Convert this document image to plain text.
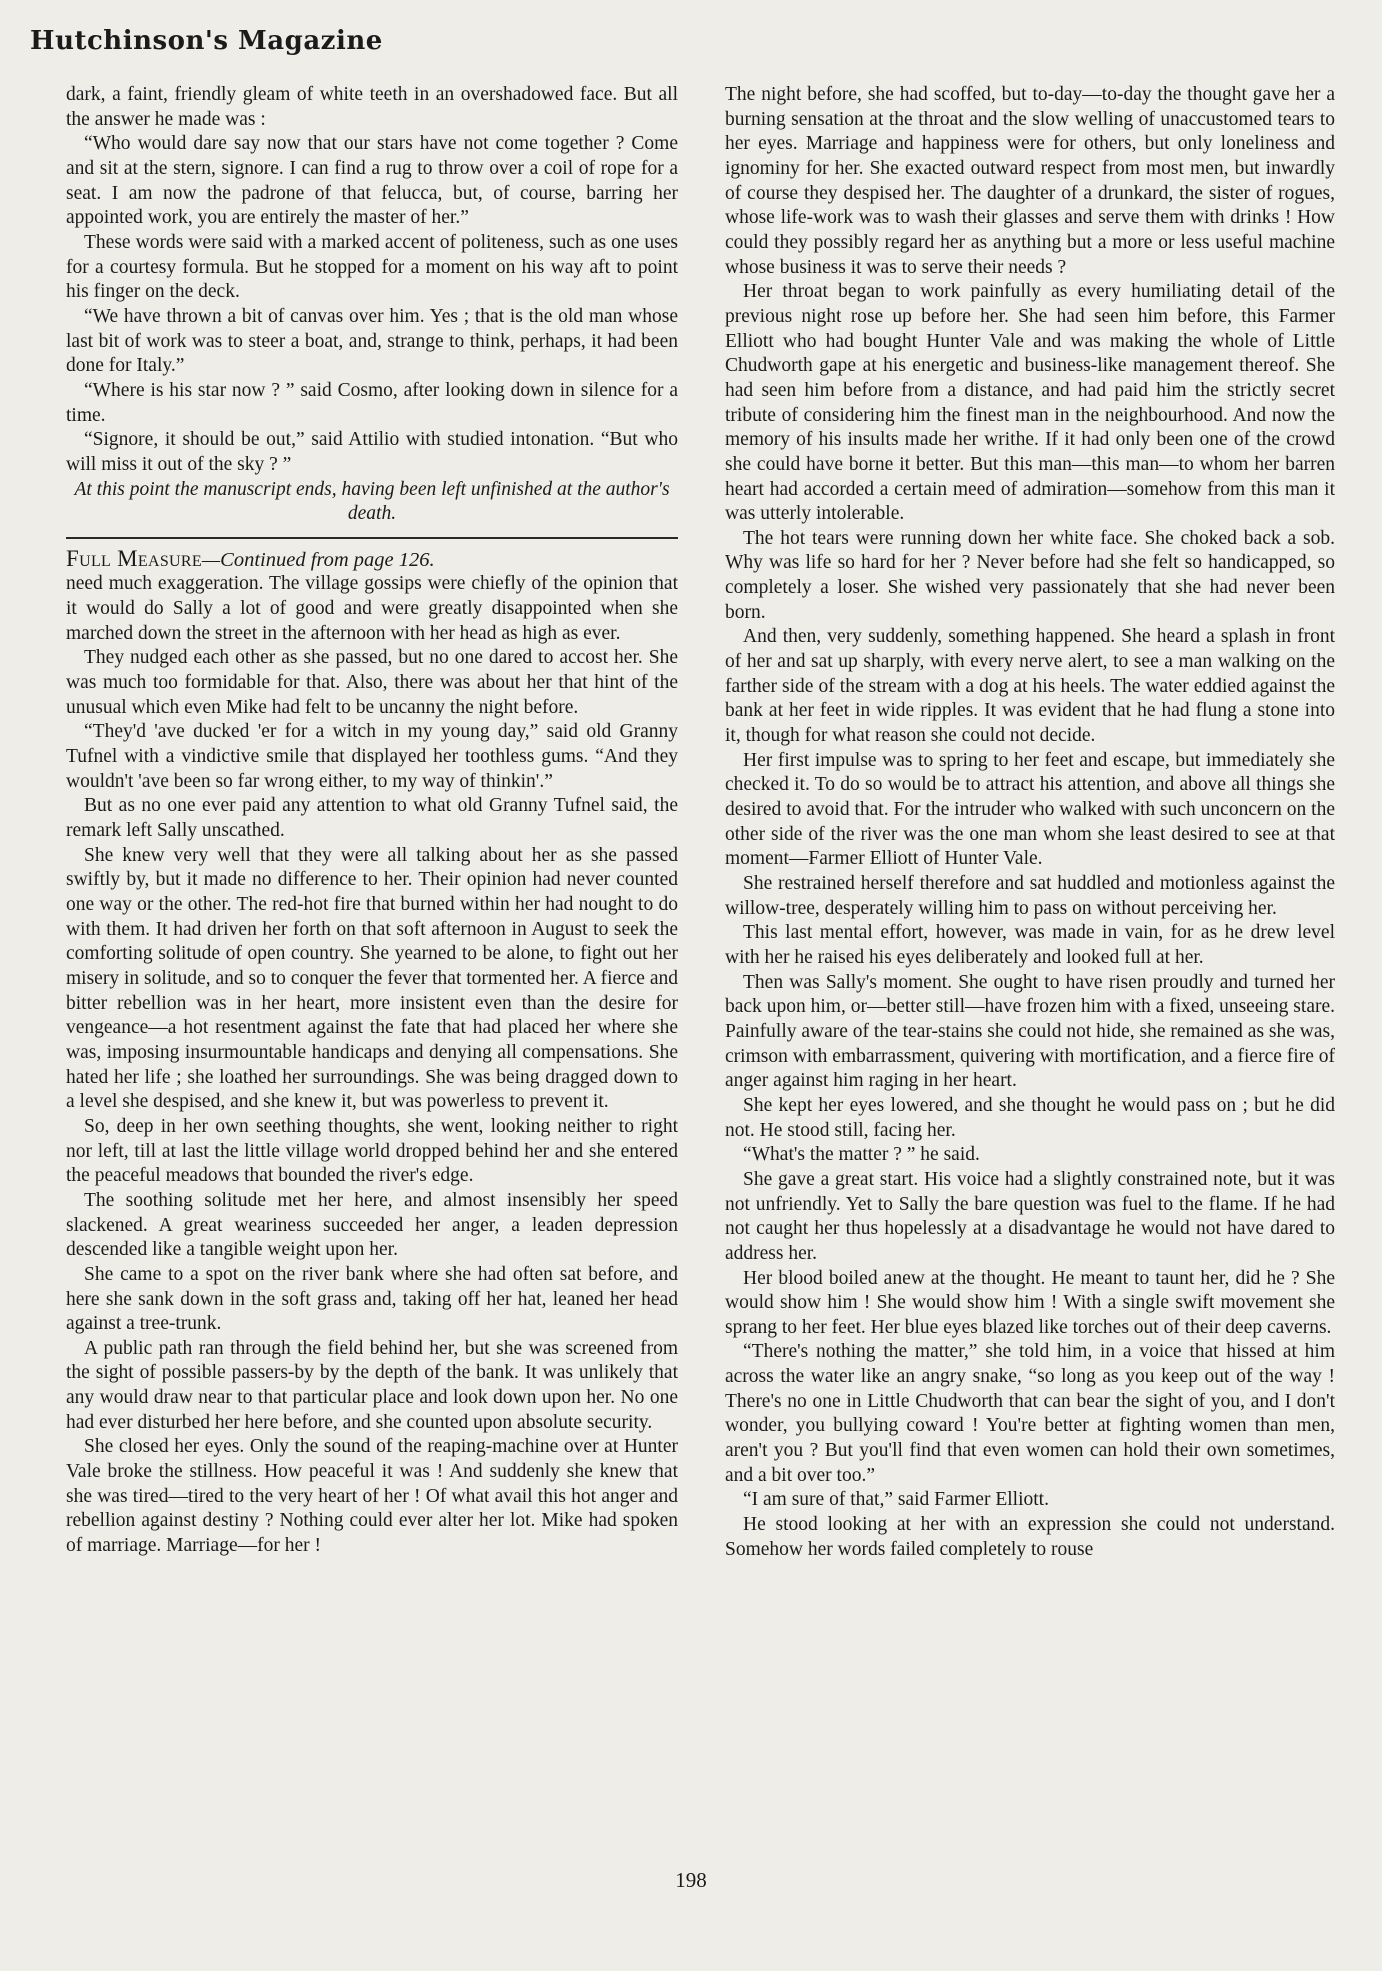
Hutchinson's Magazine

dark, a faint, friendly gleam of white teeth in an overshadowed face. But all the answer he made was :

“Who would dare say now that our stars have not come together ? Come and sit at the stern, signore. I can find a rug to throw over a coil of rope for a seat. I am now the padrone of that felucca, but, of course, barring her appointed work, you are entirely the master of her.”

These words were said with a marked accent of politeness, such as one uses for a courtesy formula. But he stopped for a moment on his way aft to point his finger on the deck.

“We have thrown a bit of canvas over him. Yes ; that is the old man whose last bit of work was to steer a boat, and, strange to think, perhaps, it had been done for Italy.”

“Where is his star now ? ” said Cosmo, after looking down in silence for a time.

“Signore, it should be out,” said Attilio with studied intonation. “But who will miss it out of the sky ? ”

At this point the manuscript ends, having been left unfinished at the author's death.

Full Measure—Continued from page 126.

need much exaggeration. The village gossips were chiefly of the opinion that it would do Sally a lot of good and were greatly disappointed when she marched down the street in the afternoon with her head as high as ever.

They nudged each other as she passed, but no one dared to accost her. She was much too formidable for that. Also, there was about her that hint of the unusual which even Mike had felt to be uncanny the night before.

“They'd 'ave ducked 'er for a witch in my young day,” said old Granny Tufnel with a vindictive smile that displayed her toothless gums. “And they wouldn't 'ave been so far wrong either, to my way of thinkin'.”

But as no one ever paid any attention to what old Granny Tufnel said, the remark left Sally unscathed.

She knew very well that they were all talking about her as she passed swiftly by, but it made no difference to her. Their opinion had never counted one way or the other. The red-hot fire that burned within her had nought to do with them. It had driven her forth on that soft afternoon in August to seek the comforting solitude of open country. She yearned to be alone, to fight out her misery in solitude, and so to conquer the fever that tormented her. A fierce and bitter rebellion was in her heart, more insistent even than the desire for vengeance—a hot resentment against the fate that had placed her where she was, imposing insurmountable handicaps and denying all compensations. She hated her life ; she loathed her surroundings. She was being dragged down to a level she despised, and she knew it, but was powerless to prevent it.

So, deep in her own seething thoughts, she went, looking neither to right nor left, till at last the little village world dropped behind her and she entered the peaceful meadows that bounded the river's edge.

The soothing solitude met her here, and almost insensibly her speed slackened. A great weariness succeeded her anger, a leaden depression descended like a tangible weight upon her.

She came to a spot on the river bank where she had often sat before, and here she sank down in the soft grass and, taking off her hat, leaned her head against a tree-trunk.

A public path ran through the field behind her, but she was screened from the sight of possible passers-by by the depth of the bank. It was unlikely that any would draw near to that particular place and look down upon her. No one had ever disturbed her here before, and she counted upon absolute security.

She closed her eyes. Only the sound of the reaping-machine over at Hunter Vale broke the stillness. How peaceful it was ! And suddenly she knew that she was tired—tired to the very heart of her ! Of what avail this hot anger and rebellion against destiny ? Nothing could ever alter her lot. Mike had spoken of marriage. Marriage—for her !

The night before, she had scoffed, but to-day—to-day the thought gave her a burning sensation at the throat and the slow welling of unaccustomed tears to her eyes. Marriage and happiness were for others, but only loneliness and ignominy for her. She exacted outward respect from most men, but inwardly of course they despised her. The daughter of a drunkard, the sister of rogues, whose life-work was to wash their glasses and serve them with drinks ! How could they possibly regard her as anything but a more or less useful machine whose business it was to serve their needs ?

Her throat began to work painfully as every humiliating detail of the previous night rose up before her. She had seen him before, this Farmer Elliott who had bought Hunter Vale and was making the whole of Little Chudworth gape at his energetic and business-like management thereof. She had seen him before from a distance, and had paid him the strictly secret tribute of considering him the finest man in the neighbourhood. And now the memory of his insults made her writhe. If it had only been one of the crowd she could have borne it better. But this man—this man—to whom her barren heart had accorded a certain meed of admiration—somehow from this man it was utterly intolerable.

The hot tears were running down her white face. She choked back a sob. Why was life so hard for her ? Never before had she felt so handicapped, so completely a loser. She wished very passionately that she had never been born.

And then, very suddenly, something happened. She heard a splash in front of her and sat up sharply, with every nerve alert, to see a man walking on the farther side of the stream with a dog at his heels. The water eddied against the bank at her feet in wide ripples. It was evident that he had flung a stone into it, though for what reason she could not decide.

Her first impulse was to spring to her feet and escape, but immediately she checked it. To do so would be to attract his attention, and above all things she desired to avoid that. For the intruder who walked with such unconcern on the other side of the river was the one man whom she least desired to see at that moment—Farmer Elliott of Hunter Vale.

She restrained herself therefore and sat huddled and motionless against the willow-tree, desperately willing him to pass on without perceiving her.

This last mental effort, however, was made in vain, for as he drew level with her he raised his eyes deliberately and looked full at her.

Then was Sally's moment. She ought to have risen proudly and turned her back upon him, or—better still—have frozen him with a fixed, unseeing stare. Painfully aware of the tear-stains she could not hide, she remained as she was, crimson with embarrassment, quivering with mortification, and a fierce fire of anger against him raging in her heart.

She kept her eyes lowered, and she thought he would pass on ; but he did not. He stood still, facing her.

“What's the matter ? ” he said.

She gave a great start. His voice had a slightly constrained note, but it was not unfriendly. Yet to Sally the bare question was fuel to the flame. If he had not caught her thus hopelessly at a disadvantage he would not have dared to address her.

Her blood boiled anew at the thought. He meant to taunt her, did he ? She would show him ! She would show him ! With a single swift movement she sprang to her feet. Her blue eyes blazed like torches out of their deep caverns.

“There's nothing the matter,” she told him, in a voice that hissed at him across the water like an angry snake, “so long as you keep out of the way ! There's no one in Little Chudworth that can bear the sight of you, and I don't wonder, you bullying coward ! You're better at fighting women than men, aren't you ? But you'll find that even women can hold their own sometimes, and a bit over too.”

“I am sure of that,” said Farmer Elliott.

He stood looking at her with an expression she could not understand. Somehow her words failed completely to rouse

198
